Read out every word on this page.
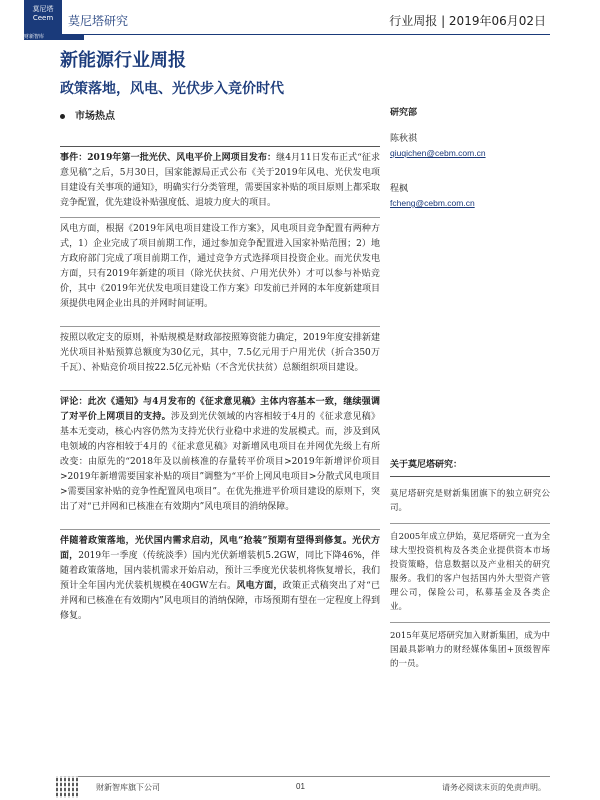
莫尼塔
Ceem
财新智库
莫尼塔研究	行业周报 | 2019年06月02日
新能源行业周报
政策落地，风电、光伏步入竞价时代
市场热点

事件：2019年第一批光伏、风电平价上网项目发布：继4月11日发布正式“征求意见稿”之后，5月30日，国家能源局正式公布《关于2019年风电、光伏发电项目建设有关事项的通知》，明确实行分类管理，需要国家补贴的项目原则上都采取竞争配置，优先建设补贴强度低、退坡力度大的项目。

风电方面，根据《2019年风电项目建设工作方案》，风电项目竞争配置有两种方式，1）企业完成了项目前期工作，通过参加竞争配置进入国家补贴范围；2）地方政府部门完成了项目前期工作，通过竞争方式选择项目投资企业。而光伏发电方面，只有2019年新建的项目（除光伏扶贫、户用光伏外）才可以参与补贴竞价，其中《2019年光伏发电项目建设工作方案》印发前已并网的本年度新建项目须提供电网企业出具的并网时间证明。

按照以收定支的原则，补贴规模是财政部按照筹资能力确定，2019年度安排新建光伏项目补贴预算总额度为30亿元，其中，7.5亿元用于户用光伏（折合350万千瓦）、补贴竞价项目按22.5亿元补贴（不含光伏扶贫）总额组织项目建设。

评论：此次《通知》与4月发布的《征求意见稿》主体内容基本一致，继续强调了对平价上网项目的支持。涉及到光伏领域的内容相较于4月的《征求意见稿》基本无变动，核心内容仍然为支持光伏行业稳中求进的发展模式。而，涉及到风电领域的内容相较于4月的《征求意见稿》对新增风电项目在并网优先级上有所改变：由原先的“2018年及以前核准的存量转平价项目>2019年新增评价项目>2019年新增需要国家补贴的项目”调整为“平价上网风电项目>分散式风电项目>需要国家补贴的竞争性配置风电项目”。在优先推进平价项目建设的原则下，突出了对“已并网和已核准在有效期内”风电项目的消纳保障。

伴随着政策落地，光伏国内需求启动，风电“抢装”预期有望得到修复。光伏方面，2019年一季度（传统淡季）国内光伏新增装机5.2GW，同比下降46%，伴随着政策落地，国内装机需求开始启动，预计三季度光伏装机将恢复增长，我们预计全年国内光伏装机规模在40GW左右。风电方面，政策正式稿突出了对“已并网和已核准在有效期内”风电项目的消纳保障，市场预期有望在一定程度上得到修复。

研究部
陈秋祺
qiuqichen@cebm.com.cn
程枫
fcheng@cebm.com.cn
关于莫尼塔研究：

莫尼塔研究是财新集团旗下的独立研究公司。

自2005年成立伊始，莫尼塔研究一直为全球大型投资机构及各类企业提供资本市场投资策略，信息数据以及产业相关的研究服务。我们的客户包括国内外大型资产管理公司，保险公司，私募基金及各类企业。

2015年莫尼塔研究加入财新集团，成为中国最具影响力的财经媒体集团+顶级智库的一员。

财新智库旗下公司	01	请务必阅读末页的免责声明。
